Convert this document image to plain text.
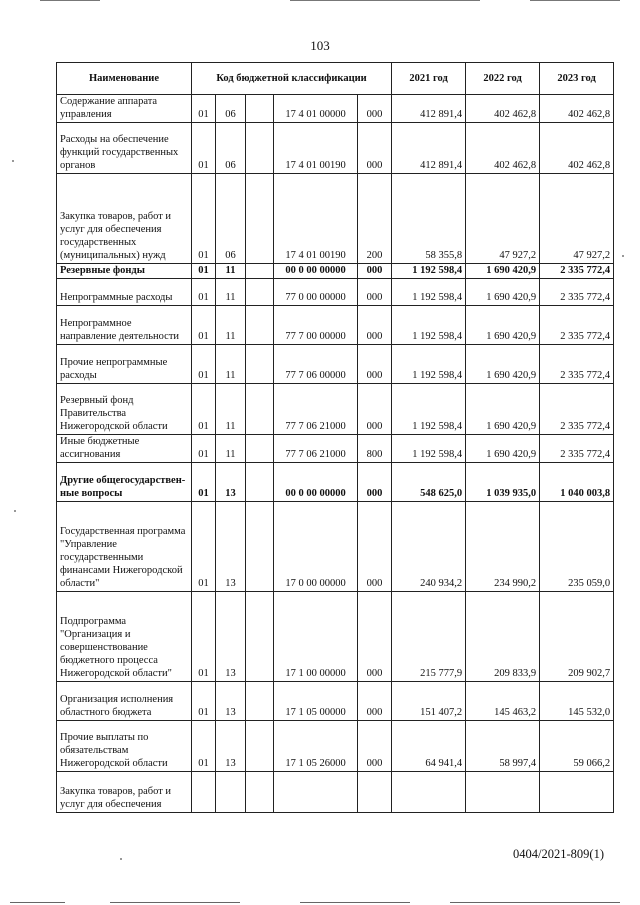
103
Наименование	Код бюджетной классификации					2021 год	2022 год	2023 год
Содержание аппарата управления	01	06		17 4 01 00000	000	412 891,4	402 462,8	402 462,8
Расходы на обеспечение функций государственных органов	01	06		17 4 01 00190	000	412 891,4	402 462,8	402 462,8
Закупка товаров, работ и услуг для обеспечения государственных (муниципальных) нужд	01	06		17 4 01 00190	200	58 355,8	47 927,2	47 927,2
Резервные фонды	01	11		00 0 00 00000	000	1 192 598,4	1 690 420,9	2 335 772,4
Непрограммные расходы	01	11		77 0 00 00000	000	1 192 598,4	1 690 420,9	2 335 772,4
Непрограммное направление деятельности	01	11		77 7 00 00000	000	1 192 598,4	1 690 420,9	2 335 772,4
Прочие непрограммные расходы	01	11		77 7 06 00000	000	1 192 598,4	1 690 420,9	2 335 772,4
Резервный фонд Правительства Нижегородской области	01	11		77 7 06 21000	000	1 192 598,4	1 690 420,9	2 335 772,4
Иные бюджетные ассигнования	01	11		77 7 06 21000	800	1 192 598,4	1 690 420,9	2 335 772,4
Другие общегосударствен-ные вопросы	01	13		00 0 00 00000	000	548 625,0	1 039 935,0	1 040 003,8
Государственная программа "Управление государственными финансами Нижегородской области"	01	13		17 0 00 00000	000	240 934,2	234 990,2	235 059,0
Подпрограмма "Организация и совершенствование бюджетного процесса Нижегородской области"	01	13		17 1 00 00000	000	215 777,9	209 833,9	209 902,7
Организация исполнения областного бюджета	01	13		17 1 05 00000	000	151 407,2	145 463,2	145 532,0
Прочие выплаты по обязательствам Нижегородской области	01	13		17 1 05 26000	000	64 941,4	58 997,4	59 066,2
Закупка товаров, работ и услуг для обеспечения								
0404/2021-809(1)
